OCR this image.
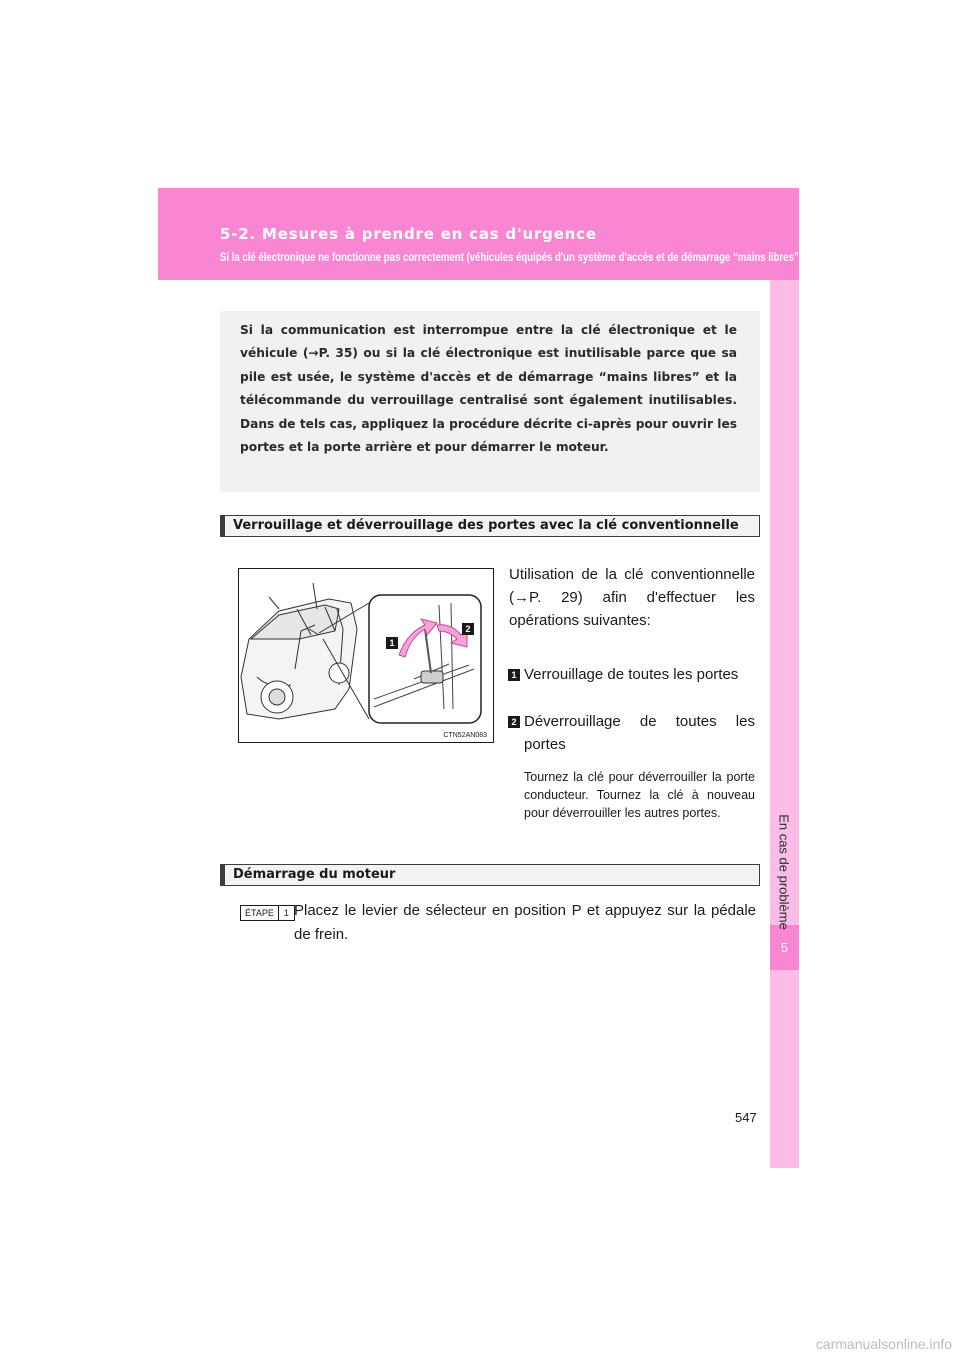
5-2. Mesures à prendre en cas d'urgence
Si la clé électronique ne fonctionne pas correctement (véhicules équipés d'un système d'accès et de démarrage “mains libres”)
5
En cas de problème
Si la communication est interrompue entre la clé électronique et le véhicule (→P. 35) ou si la clé électronique est inutilisable parce que sa pile est usée, le système d'accès et de démarrage “mains libres” et la télécommande du verrouillage centralisé sont également inutilisables. Dans de tels cas, appliquez la procédure décrite ci-après pour ouvrir les portes et la porte arrière et pour démarrer le moteur.
Verrouillage et déverrouillage des portes avec la clé conventionnelle
1
2
CTN52AN083
Utilisation de la clé conventionnelle (→P. 29) afin d'effectuer les opérations suivantes:
1 Verrouillage de toutes les portes
2 Déverrouillage de toutes les portes
Tournez la clé pour déverrouiller la porte conducteur. Tournez la clé à nouveau pour déverrouiller les autres portes.
Démarrage du moteur
ÉTAPE	1 Placez le levier de sélecteur en position P et appuyez sur la pédale de frein.
547
carmanualsonline.info
